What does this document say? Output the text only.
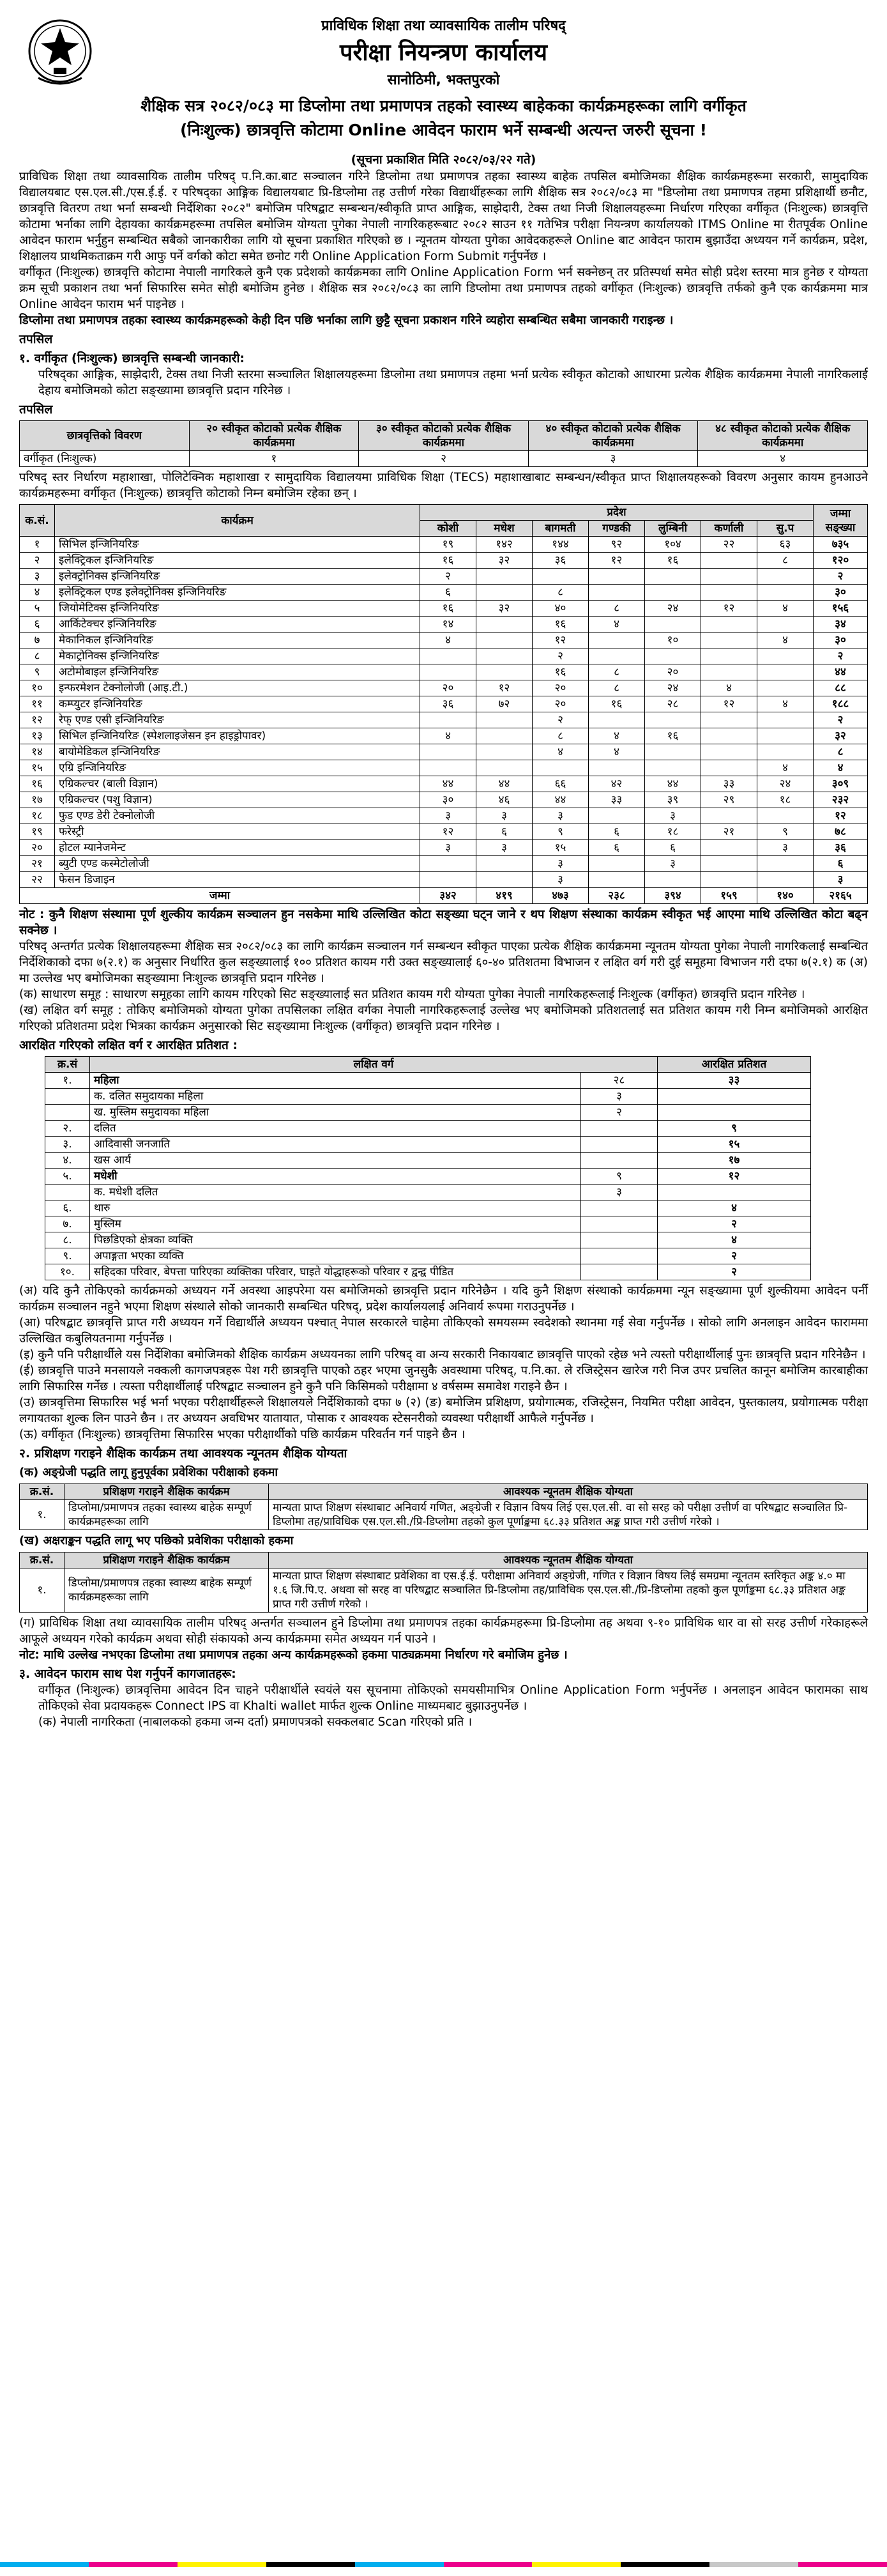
प्राविधिक शिक्षा तथा व्यावसायिक तालीम परिषद्
परीक्षा नियन्त्रण कार्यालय
सानोठिमी, भक्तपुरको
शैक्षिक सत्र २०८२/०८३ मा डिप्लोमा तथा प्रमाणपत्र तहको स्वास्थ्य बाहेकका कार्यक्रमहरूका लागि वर्गीकृत
(निःशुल्क) छात्रवृत्ति कोटामा Online आवेदन फाराम भर्ने सम्बन्धी अत्यन्त जरुरी सूचना !
(सूचना प्रकाशित मिति २०८२/०३/२२ गते)

प्राविधिक शिक्षा तथा व्यावसायिक तालीम परिषद् प.नि.का.बाट सञ्चालन गरिने डिप्लोमा तथा प्रमाणपत्र तहका स्वास्थ्य बाहेक तपसिल बमोजिमका शैक्षिक कार्यक्रमहरूमा सरकारी, सामुदायिक विद्यालयबाट एस.एल.सी./एस.ई.ई. र परिषद्का आङ्गिक विद्यालयबाट प्रि-डिप्लोमा तह उत्तीर्ण गरेका विद्यार्थीहरूका लागि शैक्षिक सत्र २०८२/०८३ मा "डिप्लोमा तथा प्रमाणपत्र तहमा प्रशिक्षार्थी छनौट, छात्रवृत्ति वितरण तथा भर्ना सम्बन्धी निर्देशिका २०८२" बमोजिम परिषद्बाट सम्बन्धन/स्वीकृति प्राप्त आङ्गिक, साझेदारी, टेक्स तथा निजी शिक्षालयहरूमा निर्धारण गरिएका वर्गीकृत (निःशुल्क) छात्रवृत्ति कोटामा भर्नाका लागि देहायका कार्यक्रमहरूमा तपसिल बमोजिम योग्यता पुगेका नेपाली नागरिकहरूबाट २०८२ साउन ११ गतेभित्र परीक्षा नियन्त्रण कार्यालयको ITMS Online मा रीतपूर्वक Online आवेदन फाराम भर्नुहुन सम्बन्धित सबैको जानकारीका लागि यो सूचना प्रकाशित गरिएको छ । न्यूनतम योग्यता पुगेका आवेदकहरूले Online बाट आवेदन फाराम बुझाउँदा अध्ययन गर्ने कार्यक्रम, प्रदेश, शिक्षालय प्राथमिकताक्रम गरी आफु पर्ने वर्गको कोटा समेत छनोट गरी Online Application Form Submit गर्नुपर्नेछ ।

वर्गीकृत (निःशुल्क) छात्रवृत्ति कोटामा नेपाली नागरिकले कुनै एक प्रदेशको कार्यक्रमका लागि Online Application Form भर्न सक्नेछन् तर प्रतिस्पर्धा समेत सोही प्रदेश स्तरमा मात्र हुनेछ र योग्यता क्रम सूची प्रकाशन तथा भर्ना सिफारिस समेत सोही बमोजिम हुनेछ । शैक्षिक सत्र २०८२/०८३ का लागि डिप्लोमा तथा प्रमाणपत्र तहको वर्गीकृत (निःशुल्क) छात्रवृत्ति तर्फको कुनै एक कार्यक्रममा मात्र Online आवेदन फाराम भर्न पाइनेछ ।

डिप्लोमा तथा प्रमाणपत्र तहका स्वास्थ्य कार्यक्रमहरूको केही दिन पछि भर्नाका लागि छुट्टै सूचना प्रकाशन गरिने व्यहोरा सम्बन्धित सबैमा जानकारी गराइन्छ ।

तपसिल
१. वर्गीकृत (निःशुल्क) छात्रवृत्ति सम्बन्धी जानकारी:

परिषद्का आङ्गिक, साझेदारी, टेक्स तथा निजी स्तरमा सञ्चालित शिक्षालयहरूमा डिप्लोमा तथा प्रमाणपत्र तहमा भर्ना प्रत्येक स्वीकृत कोटाको आधारमा प्रत्येक शैक्षिक कार्यक्रममा नेपाली नागरिकलाई देहाय बमोजिमको कोटा सङ्ख्यामा छात्रवृत्ति प्रदान गरिनेछ ।

तपसिल
छात्रवृत्तिको विवरण	२० स्वीकृत कोटाको प्रत्येक शैक्षिक कार्यक्रममा	३० स्वीकृत कोटाको प्रत्येक शैक्षिक कार्यक्रममा	४० स्वीकृत कोटाको प्रत्येक शैक्षिक कार्यक्रममा	४८ स्वीकृत कोटाको प्रत्येक शैक्षिक कार्यक्रममा
वर्गीकृत (निःशुल्क)	१	२	३	४

परिषद् स्तर निर्धारण महाशाखा, पोलिटेक्निक महाशाखा र सामुदायिक विद्यालयमा प्राविधिक शिक्षा (TECS) महाशाखाबाट सम्बन्धन/स्वीकृत प्राप्त शिक्षालयहरूको विवरण अनुसार कायम हुनआउने कार्यक्रमहरूमा वर्गीकृत (निःशुल्क) छात्रवृत्ति कोटाको निम्न बमोजिम रहेका छन् ।

क.सं.	कार्यक्रम	प्रदेश							जम्मा सङ्ख्या
		कोशी	मधेश	बागमती	गण्डकी	लुम्बिनी	कर्णाली	सु.प	
१	सिभिल इन्जिनियरिङ	१९	१४२	१४४	९२	१०४	२२	६३	७३५
२	इलेक्ट्रिकल इन्जिनियरिङ	१६	३२	३६	१२	१६		८	१२०
३	इलेक्ट्रोनिक्स इन्जिनियरिङ	२							२
४	इलेक्ट्रिकल एण्ड इलेक्ट्रोनिक्स इन्जिनियरिङ	६		८					३०
५	जियोमेटिक्स इन्जिनियरिङ	१६	३२	४०	८	२४	१२	४	१५६
६	आर्किटेक्चर इन्जिनियरिङ	१४		१६	४				३४
७	मेकानिकल इन्जिनियरिङ	४		१२		१०		४	३०
८	मेकाट्रोनिक्स इन्जिनियरिङ			२					२
९	अटोमोबाइल इन्जिनियरिङ			१६	८	२०			४४
१०	इन्फरमेशन टेक्नोलोजी (आइ.टी.)	२०	१२	२०	८	२४	४		८८
११	कम्प्युटर इन्जिनियरिङ	३६	७२	२०	१६	२८	१२	४	१८८
१२	रेफ् एण्ड एसी इन्जिनियरिङ			२					२
१३	सिभिल इन्जिनियरिङ (स्पेशलाइजेसन इन हाइड्रोपावर)	४		८	४	१६			३२
१४	बायोमेडिकल इन्जिनियरिङ			४	४				८
१५	एग्रि इन्जिनियरिङ							४	४
१६	एग्रिकल्चर (बाली विज्ञान)	४४	४४	६६	४२	४४	३३	२४	३०९
१७	एग्रिकल्चर (पशु विज्ञान)	३०	४६	४४	३३	३९	२९	१८	२३२
१८	फुड एण्ड डेरी टेक्नोलोजी	३	३	३		३			१२
१९	फरेस्ट्री	१२	६	९	६	१८	२१	९	७८
२०	होटल म्यानेजमेन्ट	३	३	१५	६	६		३	३६
२१	ब्युटी एण्ड कस्मेटोलोजी			३		३			६
२२	फेसन डिजाइन			३					३
जम्मा		३४२	४१९	४७३	२३८	३९४	१५९	१४०	२१६५

नोट : कुनै शिक्षण संस्थामा पूर्ण शुल्कीय कार्यक्रम सञ्चालन हुन नसकेमा माथि उल्लिखित कोटा सङ्ख्या घट्न जाने र थप शिक्षण संस्थाका कार्यक्रम स्वीकृत भई आएमा माथि उल्लिखित कोटा बढ्न सक्नेछ ।

परिषद् अन्तर्गत प्रत्येक शिक्षालयहरूमा शैक्षिक सत्र २०८२/०८३ का लागि कार्यक्रम सञ्चालन गर्न सम्बन्धन स्वीकृत पाएका प्रत्येक शैक्षिक कार्यक्रममा न्यूनतम योग्यता पुगेका नेपाली नागरिकलाई सम्बन्धित निर्देशिकाको दफा ७(२.१) क अनुसार निर्धारित कुल सङ्ख्यालाई १०० प्रतिशत कायम गरी उक्त सङ्ख्यालाई ६०-४० प्रतिशतमा विभाजन र लक्षित वर्ग गरी दुई समूहमा विभाजन गरी दफा ७(२.१) क (अ) मा उल्लेख भए बमोजिमका सङ्ख्यामा निःशुल्क छात्रवृत्ति प्रदान गरिनेछ ।

(क) साधारण समूह : साधारण समूहका लागि कायम गरिएको सिट सङ्ख्यालाई सत प्रतिशत कायम गरी योग्यता पुगेका नेपाली नागरिकहरूलाई निःशुल्क (वर्गीकृत) छात्रवृत्ति प्रदान गरिनेछ ।

(ख) लक्षित वर्ग समूह : तोकिए बमोजिमको योग्यता पुगेका तपसिलका लक्षित वर्गका नेपाली नागरिकहरूलाई उल्लेख भए बमोजिमको प्रतिशतलाई सत प्रतिशत कायम गरी निम्न बमोजिमको आरक्षित गरिएको प्रतिशतमा प्रदेश भित्रका कार्यक्रम अनुसारको सिट सङ्ख्यामा निःशुल्क (वर्गीकृत) छात्रवृत्ति प्रदान गरिनेछ ।

आरक्षित गरिएको लक्षित वर्ग र आरक्षित प्रतिशत :
क्र.सं	लक्षित वर्ग		आरक्षित प्रतिशत
१.	महिला	२८	३३
	क. दलित समुदायका महिला	३	
	ख. मुस्लिम समुदायका महिला	२	
२.	दलित		९
३.	आदिवासी जनजाति		१५
४.	खस आर्य		१७
५.	मधेशी	९	१२
	क. मधेशी दलित	३	
६.	थारु		४
७.	मुस्लिम		२
८.	पिछडिएको क्षेत्रका व्यक्ति		४
९.	अपाङ्गता भएका व्यक्ति		२
१०.	सहिदका परिवार, बेपत्ता पारिएका व्यक्तिका परिवार, घाइते योद्धाहरूको परिवार र द्वन्द्व पीडित		२

(अ) यदि कुनै तोकिएको कार्यक्रमको अध्ययन गर्ने अवस्था आइपरेमा यस बमोजिमको छात्रवृत्ति प्रदान गरिनेछैन । यदि कुनै शिक्षण संस्थाको कार्यक्रममा न्यून सङ्ख्यामा पूर्ण शुल्कीयमा आवेदन पर्नी कार्यक्रम सञ्चालन नहुने भएमा शिक्षण संस्थाले सोको जानकारी सम्बन्धित परिषद्, प्रदेश कार्यालयलाई अनिवार्य रूपमा गराउनुपर्नेछ ।

(आ) परिषद्बाट छात्रवृत्ति प्राप्त गरी अध्ययन गर्ने विद्यार्थीले अध्ययन पश्चात् नेपाल सरकारले चाहेमा तोकिएको समयसम्म स्वदेशको स्थानमा गई सेवा गर्नुपर्नेछ । सोको लागि अनलाइन आवेदन फाराममा उल्लिखित कबुलियतनामा गर्नुपर्नेछ ।

(इ) कुनै पनि परीक्षार्थीले यस निर्देशिका बमोजिमको शैक्षिक कार्यक्रम अध्ययनका लागि परिषद् वा अन्य सरकारी निकायबाट छात्रवृत्ति पाएको रहेछ भने त्यस्तो परीक्षार्थीलाई पुनः छात्रवृत्ति प्रदान गरिनेछैन ।

(ई) छात्रवृत्ति पाउने मनसायले नक्कली कागजपत्रहरू पेश गरी छात्रवृत्ति पाएको ठहर भएमा जुनसुकै अवस्थामा परिषद्, प.नि.का. ले रजिस्ट्रेसन खारेज गरी निज उपर प्रचलित कानून बमोजिम कारबाहीका लागि सिफारिस गर्नेछ । त्यस्ता परीक्षार्थीलाई परिषद्बाट सञ्चालन हुने कुनै पनि किसिमको परीक्षामा ४ वर्षसम्म समावेश गराइने छैन ।

(उ) छात्रवृत्तिमा सिफारिस भई भर्ना भएका परीक्षार्थीहरूले शिक्षालयले निर्देशिकाको दफा ७ (२) (ङ) बमोजिम प्रशिक्षण, प्रयोगात्मक, रजिस्ट्रेसन, नियमित परीक्षा आवेदन, पुस्तकालय, प्रयोगात्मक परीक्षा लगायतका शुल्क लिन पाउने छैन । तर अध्ययन अवधिभर यातायात, पोसाक र आवश्यक स्टेसनरीको व्यवस्था परीक्षार्थी आफैले गर्नुपर्नेछ ।

(ऊ) वर्गीकृत (निःशुल्क) छात्रवृत्तिमा सिफारिस भएका परीक्षार्थीको पछि कार्यक्रम परिवर्तन गर्न पाइने छैन ।

२. प्रशिक्षण गराइने शैक्षिक कार्यक्रम तथा आवश्यक न्यूनतम शैक्षिक योग्यता
(क) अङ्ग्रेजी पद्धति लागू हुनुपूर्वका प्रवेशिका परीक्षाको हकमा
क्र.सं.	प्रशिक्षण गराइने शैक्षिक कार्यक्रम	आवश्यक न्यूनतम शैक्षिक योग्यता
१.	डिप्लोमा/प्रमाणपत्र तहका स्वास्थ्य बाहेक सम्पूर्ण कार्यक्रमहरूका लागि	मान्यता प्राप्त शिक्षण संस्थाबाट अनिवार्य गणित, अङ्ग्रेजी र विज्ञान विषय लिई एस.एल.सी. वा सो सरह को परीक्षा उत्तीर्ण वा परिषद्बाट सञ्चालित प्रि-डिप्लोमा तह/प्राविधिक एस.एल.सी./प्रि-डिप्लोमा तहको कुल पूर्णाङ्कमा ६८.३३ प्रतिशत अङ्क प्राप्त गरी उत्तीर्ण गरेको ।
(ख) अक्षराङ्कन पद्धति लागू भए पछिको प्रवेशिका परीक्षाको हकमा
क्र.सं.	प्रशिक्षण गराइने शैक्षिक कार्यक्रम	आवश्यक न्यूनतम शैक्षिक योग्यता
१.	डिप्लोमा/प्रमाणपत्र तहका स्वास्थ्य बाहेक सम्पूर्ण कार्यक्रमहरूका लागि	मान्यता प्राप्त शिक्षण संस्थाबाट प्रवेशिका वा एस.ई.ई. परीक्षामा अनिवार्य अङ्ग्रेजी, गणित र विज्ञान विषय लिई समग्रमा न्यूनतम स्तरिकृत अङ्क ४.० मा १.६ जि.पि.ए. अथवा सो सरह वा परिषद्बाट सञ्चालित प्रि-डिप्लोमा तह/प्राविधिक एस.एल.सी./प्रि-डिप्लोमा तहको कुल पूर्णाङ्कमा ६८.३३ प्रतिशत अङ्क प्राप्त गरी उत्तीर्ण गरेको ।

(ग) प्राविधिक शिक्षा तथा व्यावसायिक तालीम परिषद् अन्तर्गत सञ्चालन हुने डिप्लोमा तथा प्रमाणपत्र तहका कार्यक्रमहरूमा प्रि-डिप्लोमा तह अथवा ९-१० प्राविधिक धार वा सो सरह उत्तीर्ण गरेकाहरूले आफूले अध्ययन गरेको कार्यक्रम अथवा सोही संकायको अन्य कार्यक्रममा समेत अध्ययन गर्न पाउने ।

नोट: माथि उल्लेख नभएका डिप्लोमा तथा प्रमाणपत्र तहका अन्य कार्यक्रमहरूको हकमा पाठ्यक्रममा निर्धारण गरे बमोजिम हुनेछ ।

३. आवेदन फाराम साथ पेश गर्नुपर्ने कागजातहरू:

वर्गीकृत (निःशुल्क) छात्रवृत्तिमा आवेदन दिन चाहने परीक्षार्थीले स्वयंले यस सूचनामा तोकिएको समयसीमाभित्र Online Application Form भर्नुपर्नेछ । अनलाइन आवेदन फारामका साथ तोकिएको सेवा प्रदायकहरू Connect IPS वा Khalti wallet मार्फत शुल्क Online माध्यमबाट बुझाउनुपर्नेछ ।

(क) नेपाली नागरिकता (नाबालकको हकमा जन्म दर्ता) प्रमाणपत्रको सक्कलबाट Scan गरिएको प्रति ।
